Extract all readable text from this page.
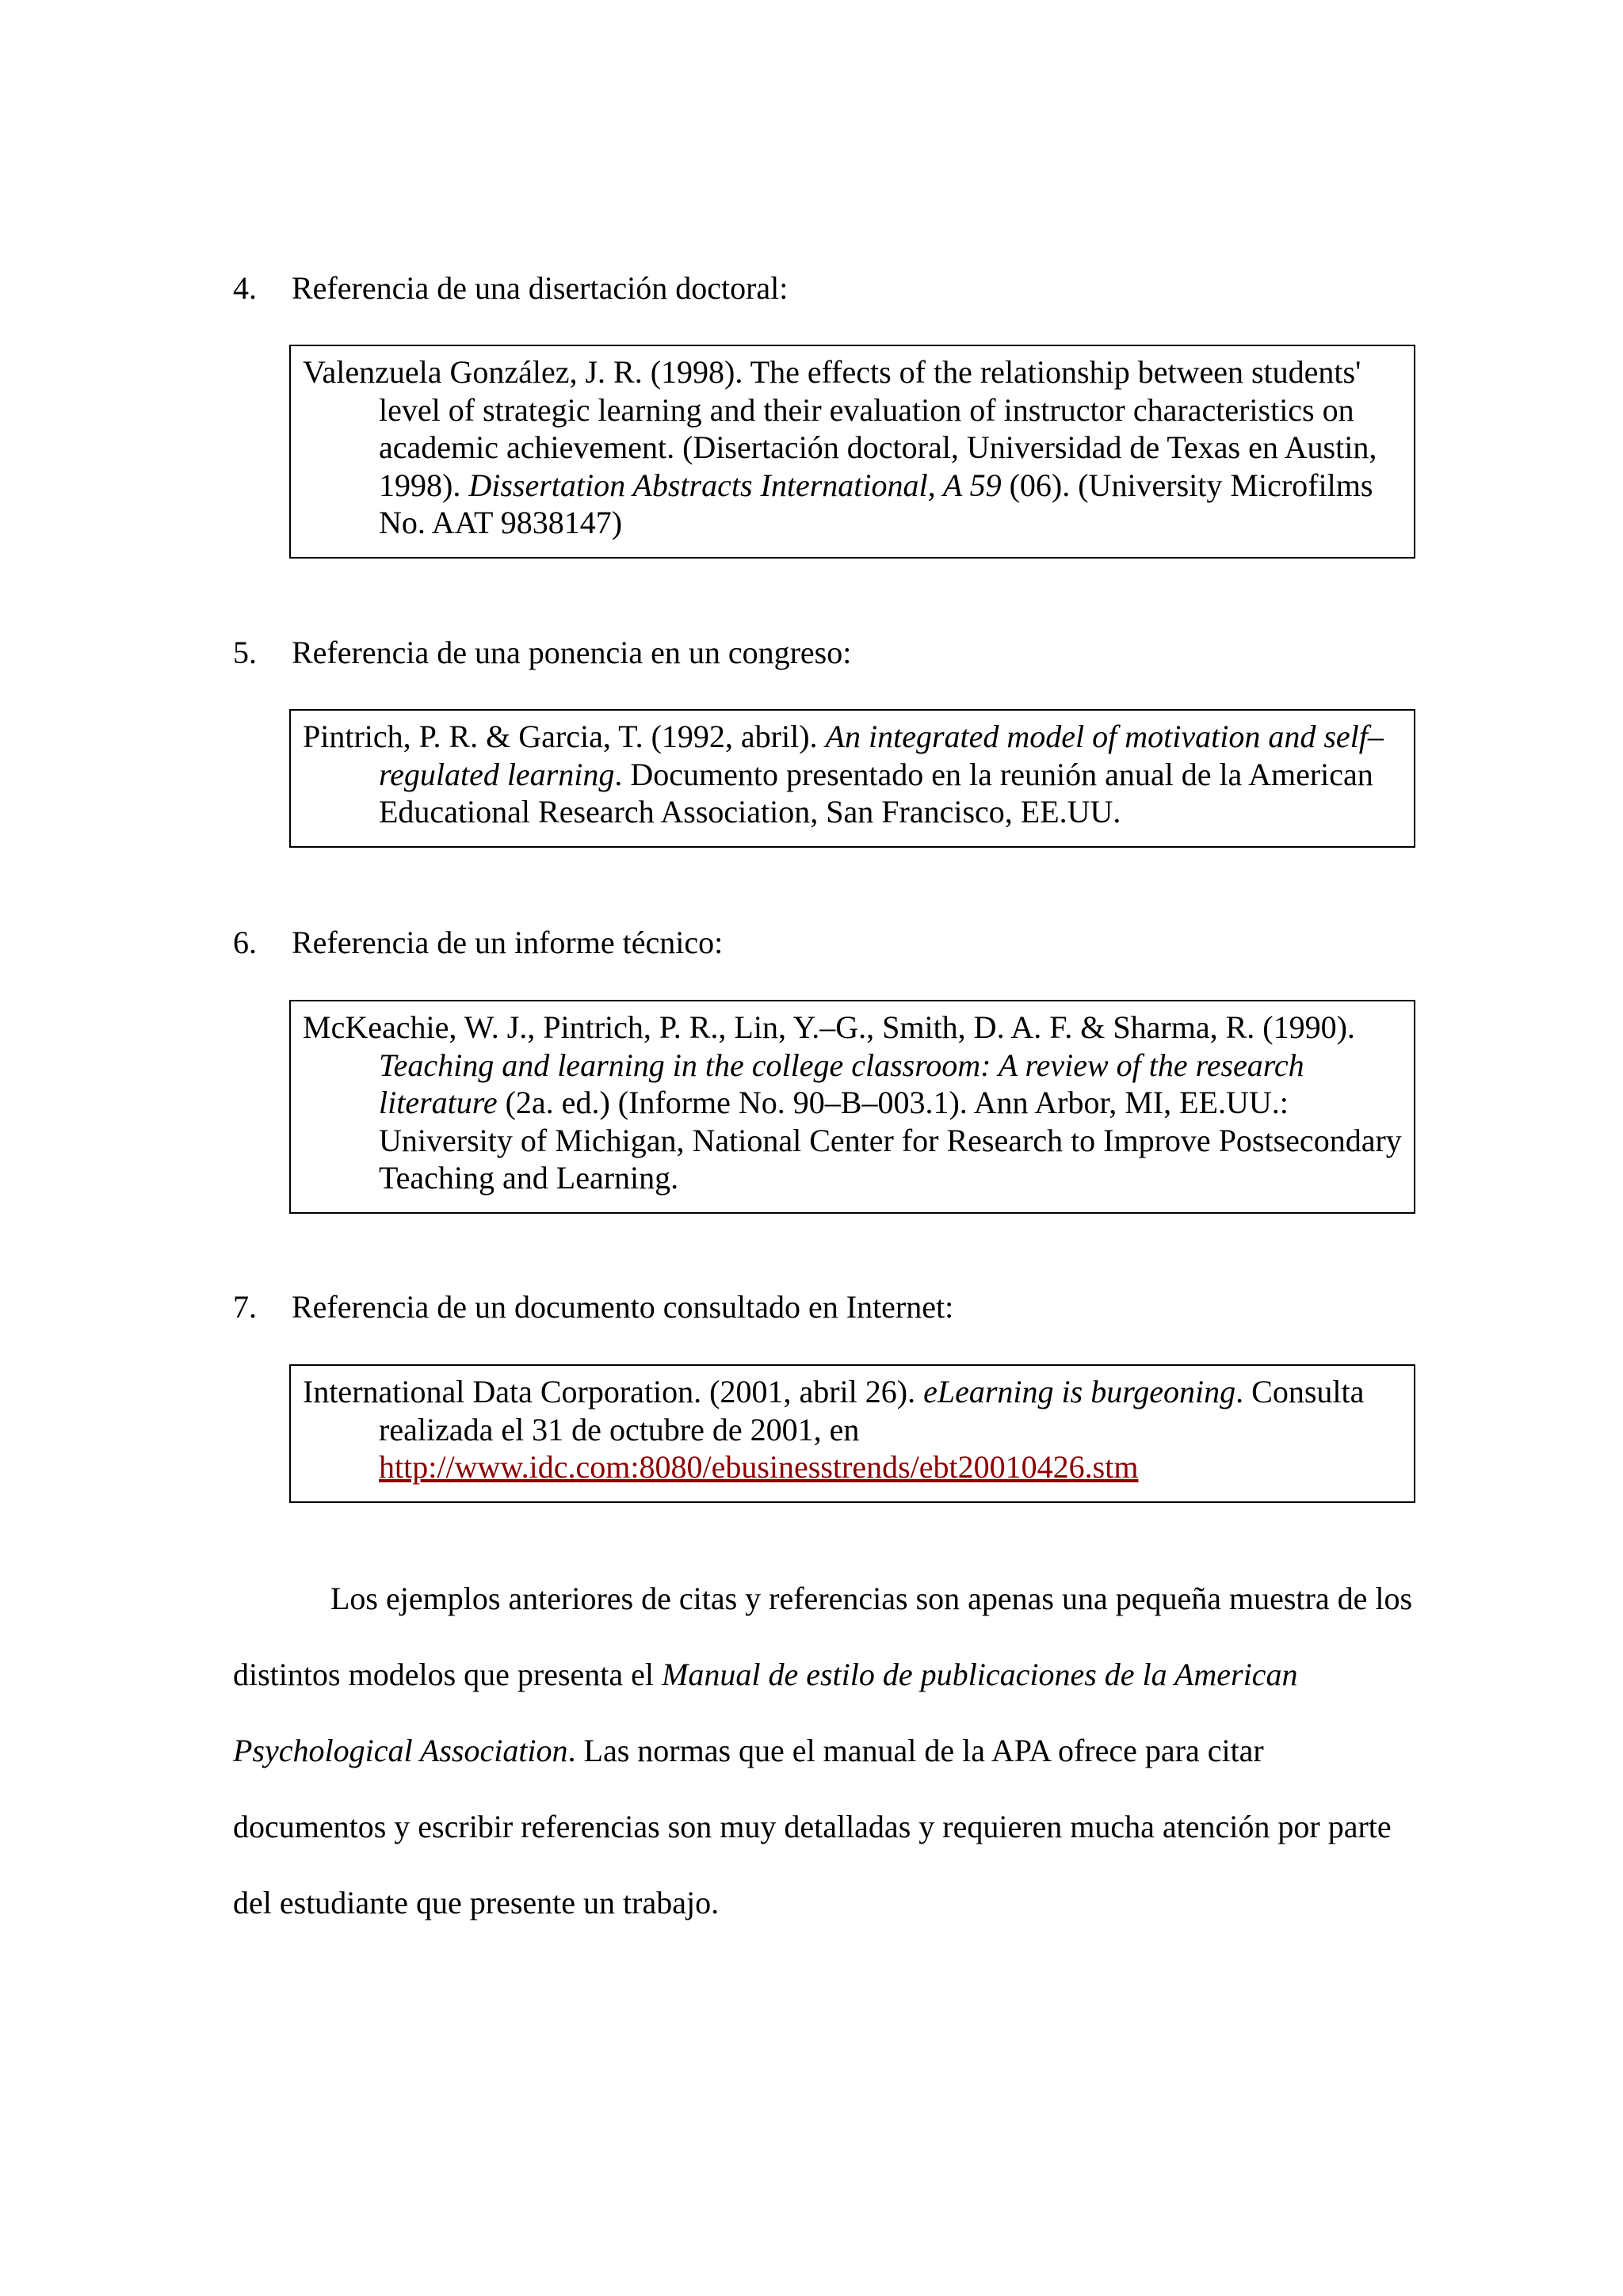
4. Referencia de una disertación doctoral:

Valenzuela González, J. R. (1998). The effects of the relationship between students' level of strategic learning and their evaluation of instructor characteristics on academic achievement. (Disertación doctoral, Universidad de Texas en Austin, 1998). Dissertation Abstracts International, A 59 (06). (University Microfilms No. AAT 9838147)

5. Referencia de una ponencia en un congreso:

Pintrich, P. R. & Garcia, T. (1992, abril). An integrated model of motivation and self–regulated learning. Documento presentado en la reunión anual de la American Educational Research Association, San Francisco, EE.UU.

6. Referencia de un informe técnico:

McKeachie, W. J., Pintrich, P. R., Lin, Y.–G., Smith, D. A. F. & Sharma, R. (1990). Teaching and learning in the college classroom: A review of the research literature (2a. ed.) (Informe No. 90–B–003.1). Ann Arbor, MI, EE.UU.: University of Michigan, National Center for Research to Improve Postsecondary Teaching and Learning.

7. Referencia de un documento consultado en Internet:

International Data Corporation. (2001, abril 26). eLearning is burgeoning. Consulta realizada el 31 de octubre de 2001, en http://www.idc.com:8080/ebusinesstrends/ebt20010426.stm

Los ejemplos anteriores de citas y referencias son apenas una pequeña muestra de los distintos modelos que presenta el Manual de estilo de publicaciones de la American Psychological Association. Las normas que el manual de la APA ofrece para citar documentos y escribir referencias son muy detalladas y requieren mucha atención por parte del estudiante que presente un trabajo.
